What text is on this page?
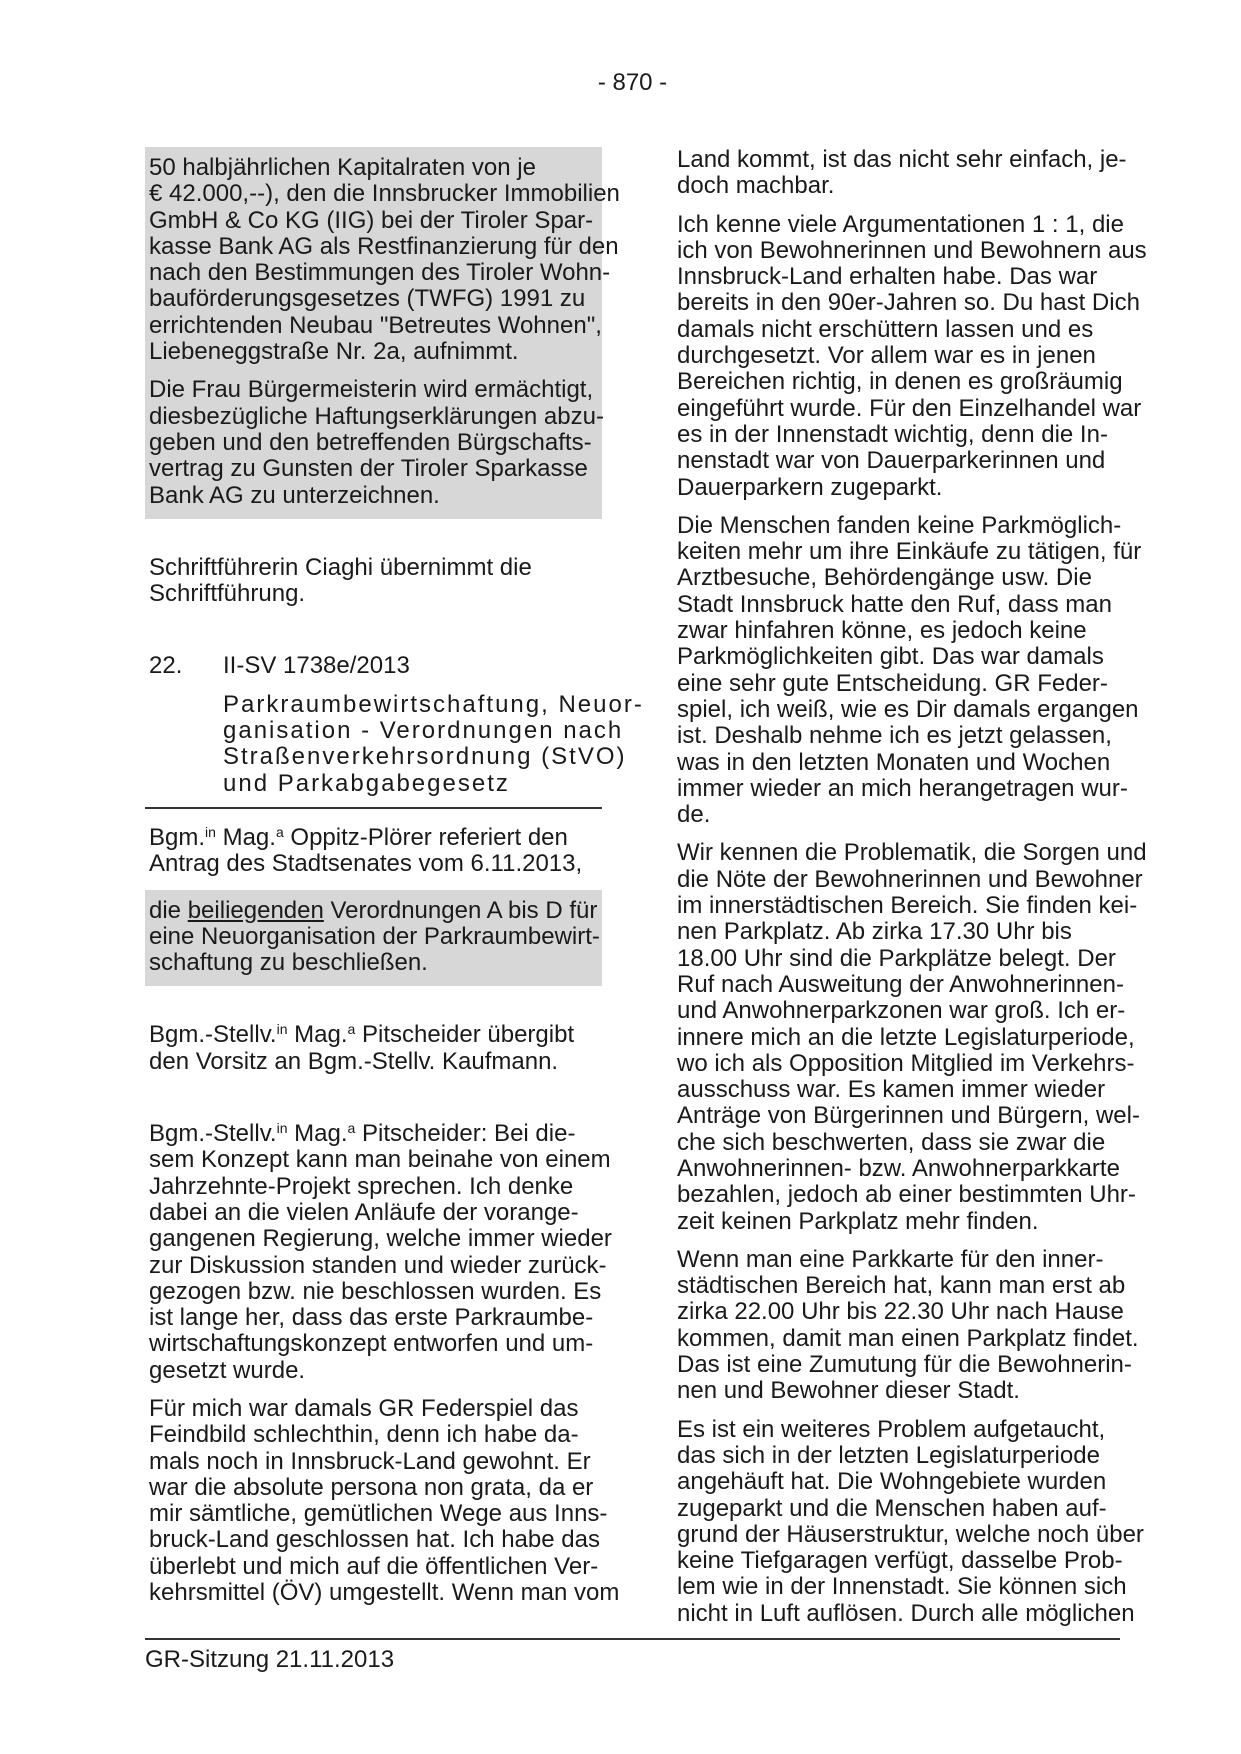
- 870 -
50 halbjährlichen Kapitalraten von je
€ 42.000,--), den die Innsbrucker Immobilien
GmbH & Co KG (IIG) bei der Tiroler Spar-
kasse Bank AG als Restfinanzierung für den
nach den Bestimmungen des Tiroler Wohn-
bauförderungsgesetzes (TWFG) 1991 zu
errichtenden Neubau "Betreutes Wohnen",
Liebeneggstraße Nr. 2a, aufnimmt.
Die Frau Bürgermeisterin wird ermächtigt,
diesbezügliche Haftungserklärungen abzu-
geben und den betreffenden Bürgschafts-
vertrag zu Gunsten der Tiroler Sparkasse
Bank AG zu unterzeichnen.
Schriftführerin Ciaghi übernimmt die
Schriftführung.
22. II-SV 1738e/2013
Parkraumbewirtschaftung, Neuor-
ganisation - Verordnungen nach
Straßenverkehrsordnung (StVO)
und Parkabgabegesetz
Bgm.$^{in}$ Mag.$^a$ Oppitz-Plörer referiert den
Antrag des Stadtsenates vom 6.11.2013,
die beiliegenden Verordnungen A bis D für
eine Neuorganisation der Parkraumbewirt-
schaftung zu beschließen.
Bgm.-Stellv.$^{in}$ Mag.$^a$ Pitscheider übergibt
den Vorsitz an Bgm.-Stellv. Kaufmann.
Bgm.-Stellv.$^{in}$ Mag.$^a$ Pitscheider: Bei die-
sem Konzept kann man beinahe von einem
Jahrzehnte-Projekt sprechen. Ich denke
dabei an die vielen Anläufe der vorange-
gangenen Regierung, welche immer wieder
zur Diskussion standen und wieder zurück-
gezogen bzw. nie beschlossen wurden. Es
ist lange her, dass das erste Parkraumbe-
wirtschaftungskonzept entworfen und um-
gesetzt wurde.
Für mich war damals GR Federspiel das
Feindbild schlechthin, denn ich habe da-
mals noch in Innsbruck-Land gewohnt. Er
war die absolute persona non grata, da er
mir sämtliche, gemütlichen Wege aus Inns-
bruck-Land geschlossen hat. Ich habe das
überlebt und mich auf die öffentlichen Ver-
kehrsmittel (ÖV) umgestellt. Wenn man vom
Land kommt, ist das nicht sehr einfach, je-
doch machbar.
Ich kenne viele Argumentationen 1 : 1, die
ich von Bewohnerinnen und Bewohnern aus
Innsbruck-Land erhalten habe. Das war
bereits in den 90er-Jahren so. Du hast Dich
damals nicht erschüttern lassen und es
durchgesetzt. Vor allem war es in jenen
Bereichen richtig, in denen es großräumig
eingeführt wurde. Für den Einzelhandel war
es in der Innenstadt wichtig, denn die In-
nenstadt war von Dauerparkerinnen und
Dauerparkern zugeparkt.
Die Menschen fanden keine Parkmöglich-
keiten mehr um ihre Einkäufe zu tätigen, für
Arztbesuche, Behördengänge usw. Die
Stadt Innsbruck hatte den Ruf, dass man
zwar hinfahren könne, es jedoch keine
Parkmöglichkeiten gibt. Das war damals
eine sehr gute Entscheidung. GR Feder-
spiel, ich weiß, wie es Dir damals ergangen
ist. Deshalb nehme ich es jetzt gelassen,
was in den letzten Monaten und Wochen
immer wieder an mich herangetragen wur-
de.
Wir kennen die Problematik, die Sorgen und
die Nöte der Bewohnerinnen und Bewohner
im innerstädtischen Bereich. Sie finden kei-
nen Parkplatz. Ab zirka 17.30 Uhr bis
18.00 Uhr sind die Parkplätze belegt. Der
Ruf nach Ausweitung der Anwohnerinnen-
und Anwohnerparkzonen war groß. Ich er-
innere mich an die letzte Legislaturperiode,
wo ich als Opposition Mitglied im Verkehrs-
ausschuss war. Es kamen immer wieder
Anträge von Bürgerinnen und Bürgern, wel-
che sich beschwerten, dass sie zwar die
Anwohnerinnen- bzw. Anwohnerparkkarte
bezahlen, jedoch ab einer bestimmten Uhr-
zeit keinen Parkplatz mehr finden.
Wenn man eine Parkkarte für den inner-
städtischen Bereich hat, kann man erst ab
zirka 22.00 Uhr bis 22.30 Uhr nach Hause
kommen, damit man einen Parkplatz findet.
Das ist eine Zumutung für die Bewohnerin-
nen und Bewohner dieser Stadt.
Es ist ein weiteres Problem aufgetaucht,
das sich in der letzten Legislaturperiode
angehäuft hat. Die Wohngebiete wurden
zugeparkt und die Menschen haben auf-
grund der Häuserstruktur, welche noch über
keine Tiefgaragen verfügt, dasselbe Prob-
lem wie in der Innenstadt. Sie können sich
nicht in Luft auflösen. Durch alle möglichen
GR-Sitzung 21.11.2013
